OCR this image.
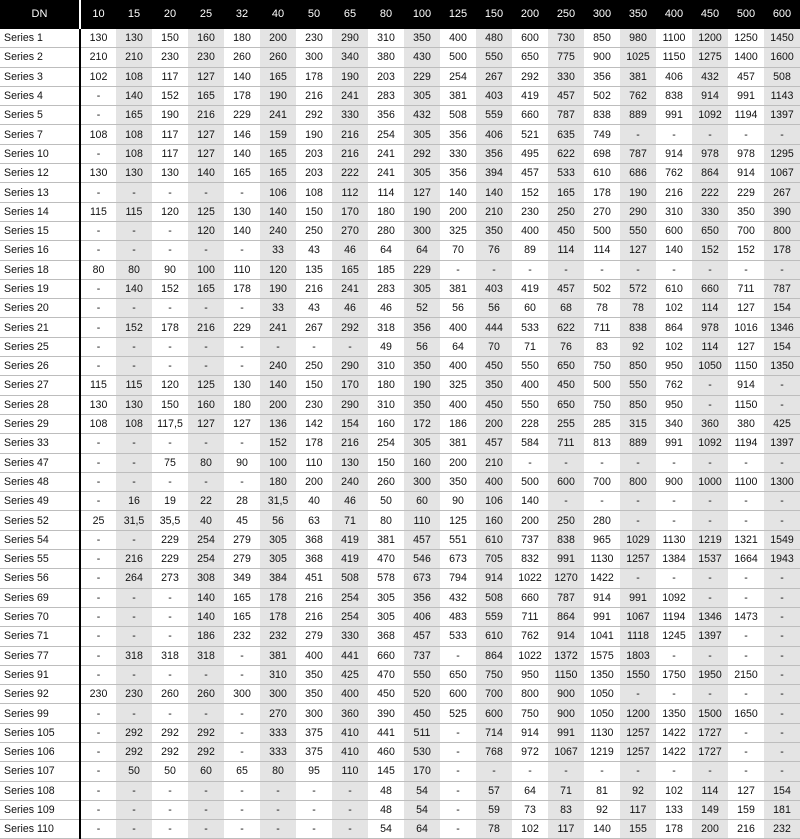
DN	10	15	20	25	32	40	50	65	80	100	125	150	200	250	300	350	400	450	500	600
Series 1	130	130	150	160	180	200	230	290	310	350	400	480	600	730	850	980	1100	1200	1250	1450
Series 2	210	210	230	230	260	260	300	340	380	430	500	550	650	775	900	1025	1150	1275	1400	1600
Series 3	102	108	117	127	140	165	178	190	203	229	254	267	292	330	356	381	406	432	457	508
Series 4	-	140	152	165	178	190	216	241	283	305	381	403	419	457	502	762	838	914	991	1143
Series 5	-	165	190	216	229	241	292	330	356	432	508	559	660	787	838	889	991	1092	1194	1397
Series 7	108	108	117	127	146	159	190	216	254	305	356	406	521	635	749	-	-	-	-	-
Series 10	-	108	117	127	140	165	203	216	241	292	330	356	495	622	698	787	914	978	978	1295
Series 12	130	130	130	140	165	165	203	222	241	305	356	394	457	533	610	686	762	864	914	1067
Series 13	-	-	-	-	-	106	108	112	114	127	140	140	152	165	178	190	216	222	229	267
Series 14	115	115	120	125	130	140	150	170	180	190	200	210	230	250	270	290	310	330	350	390
Series 15	-	-	-	120	140	240	250	270	280	300	325	350	400	450	500	550	600	650	700	800
Series 16	-	-	-	-	-	33	43	46	64	64	70	76	89	114	114	127	140	152	152	178
Series 18	80	80	90	100	110	120	135	165	185	229	-	-	-	-	-	-	-	-	-	-
Series 19	-	140	152	165	178	190	216	241	283	305	381	403	419	457	502	572	610	660	711	787
Series 20	-	-	-	-	-	33	43	46	46	52	56	56	60	68	78	78	102	114	127	154
Series 21	-	152	178	216	229	241	267	292	318	356	400	444	533	622	711	838	864	978	1016	1346
Series 25	-	-	-	-	-	-	-	-	49	56	64	70	71	76	83	92	102	114	127	154
Series 26	-	-	-	-	-	240	250	290	310	350	400	450	550	650	750	850	950	1050	1150	1350
Series 27	115	115	120	125	130	140	150	170	180	190	325	350	400	450	500	550	762	-	914	-
Series 28	130	130	150	160	180	200	230	290	310	350	400	450	550	650	750	850	950	-	1150	-
Series 29	108	108	117,5	127	127	136	142	154	160	172	186	200	228	255	285	315	340	360	380	425
Series 33	-	-	-	-	-	152	178	216	254	305	381	457	584	711	813	889	991	1092	1194	1397
Series 47	-	-	75	80	90	100	110	130	150	160	200	210	-	-	-	-	-	-	-	-
Series 48	-	-	-	-	-	180	200	240	260	300	350	400	500	600	700	800	900	1000	1100	1300
Series 49	-	16	19	22	28	31,5	40	46	50	60	90	106	140	-	-	-	-	-	-	-
Series 52	25	31,5	35,5	40	45	56	63	71	80	110	125	160	200	250	280	-	-	-	-	-
Series 54	-	-	229	254	279	305	368	419	381	457	551	610	737	838	965	1029	1130	1219	1321	1549
Series 55	-	216	229	254	279	305	368	419	470	546	673	705	832	991	1130	1257	1384	1537	1664	1943
Series 56	-	264	273	308	349	384	451	508	578	673	794	914	1022	1270	1422	-	-	-	-	-
Series 69	-	-	-	140	165	178	216	254	305	356	432	508	660	787	914	991	1092	-	-	-
Series 70	-	-	-	140	165	178	216	254	305	406	483	559	711	864	991	1067	1194	1346	1473	-
Series 71	-	-	-	186	232	232	279	330	368	457	533	610	762	914	1041	1118	1245	1397	-	-
Series 77	-	318	318	318	-	381	400	441	660	737	-	864	1022	1372	1575	1803	-	-	-	-
Series 91	-	-	-	-	-	310	350	425	470	550	650	750	950	1150	1350	1550	1750	1950	2150	-
Series 92	230	230	260	260	300	300	350	400	450	520	600	700	800	900	1050	-	-	-	-	-
Series 99	-	-	-	-	-	270	300	360	390	450	525	600	750	900	1050	1200	1350	1500	1650	-
Series 105	-	292	292	292	-	333	375	410	441	511	-	714	914	991	1130	1257	1422	1727	-	-
Series 106	-	292	292	292	-	333	375	410	460	530	-	768	972	1067	1219	1257	1422	1727	-	-
Series 107	-	50	50	60	65	80	95	110	145	170	-	-	-	-	-	-	-	-	-	-
Series 108	-	-	-	-	-	-	-	-	48	54	-	57	64	71	81	92	102	114	127	154
Series 109	-	-	-	-	-	-	-	-	48	54	-	59	73	83	92	117	133	149	159	181
Series 110	-	-	-	-	-	-	-	-	54	64	-	78	102	117	140	155	178	200	216	232
